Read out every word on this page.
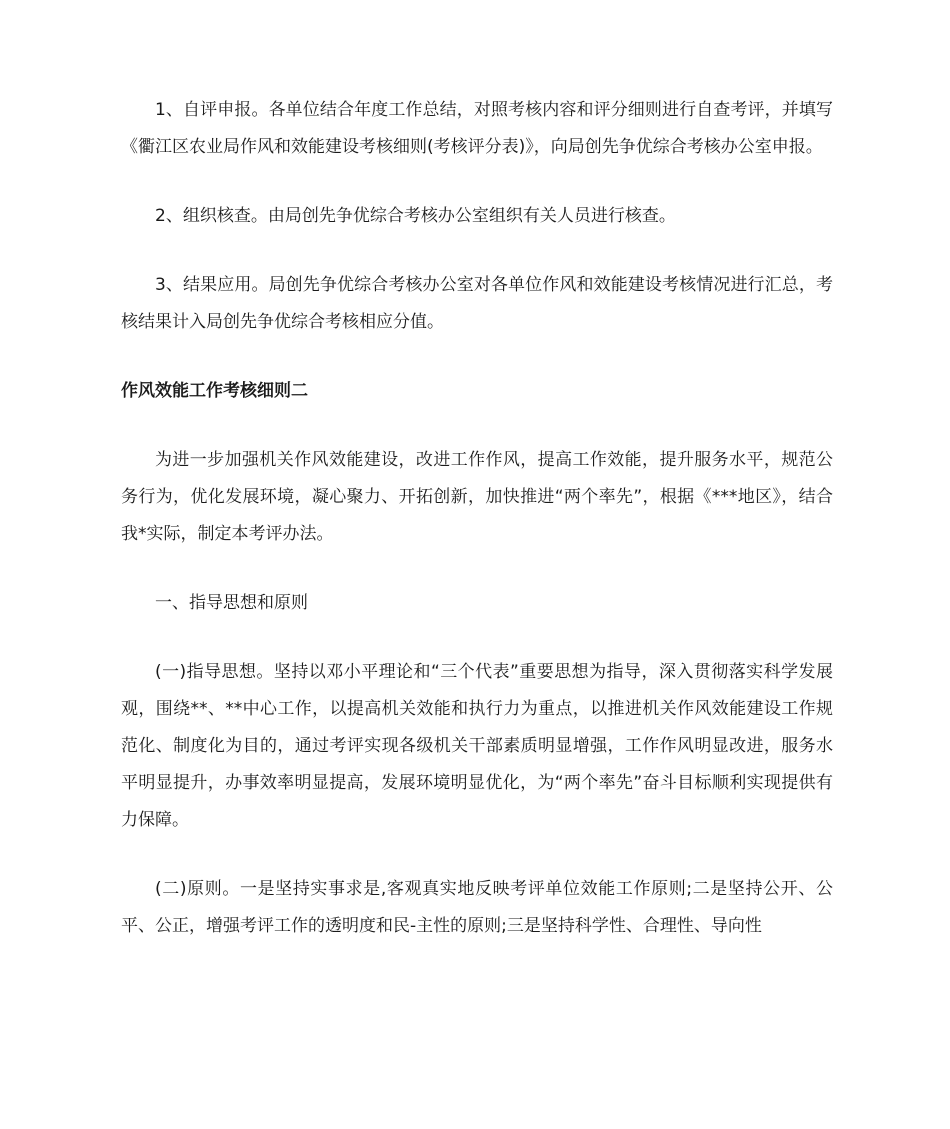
1、自评申报。各单位结合年度工作总结，对照考核内容和评分细则进行自查考评，并填写《衢江区农业局作风和效能建设考核细则(考核评分表)》，向局创先争优综合考核办公室申报。

2、组织核查。由局创先争优综合考核办公室组织有关人员进行核查。

3、结果应用。局创先争优综合考核办公室对各单位作风和效能建设考核情况进行汇总，考核结果计入局创先争优综合考核相应分值。

作风效能工作考核细则二

为进一步加强机关作风效能建设，改进工作作风，提高工作效能，提升服务水平，规范公务行为，优化发展环境，凝心聚力、开拓创新，加快推进“两个率先”，根据《***地区》，结合我*实际，制定本考评办法。

一、指导思想和原则

(一)指导思想。坚持以邓小平理论和“三个代表”重要思想为指导，深入贯彻落实科学发展观，围绕**、**中心工作，以提高机关效能和执行力为重点，以推进机关作风效能建设工作规范化、制度化为目的，通过考评实现各级机关干部素质明显增强，工作作风明显改进，服务水平明显提升，办事效率明显提高，发展环境明显优化，为“两个率先”奋斗目标顺利实现提供有力保障。

(二)原则。一是坚持实事求是,客观真实地反映考评单位效能工作原则;二是坚持公开、公平、公正，增强考评工作的透明度和民-主性的原则;三是坚持科学性、合理性、导向性
